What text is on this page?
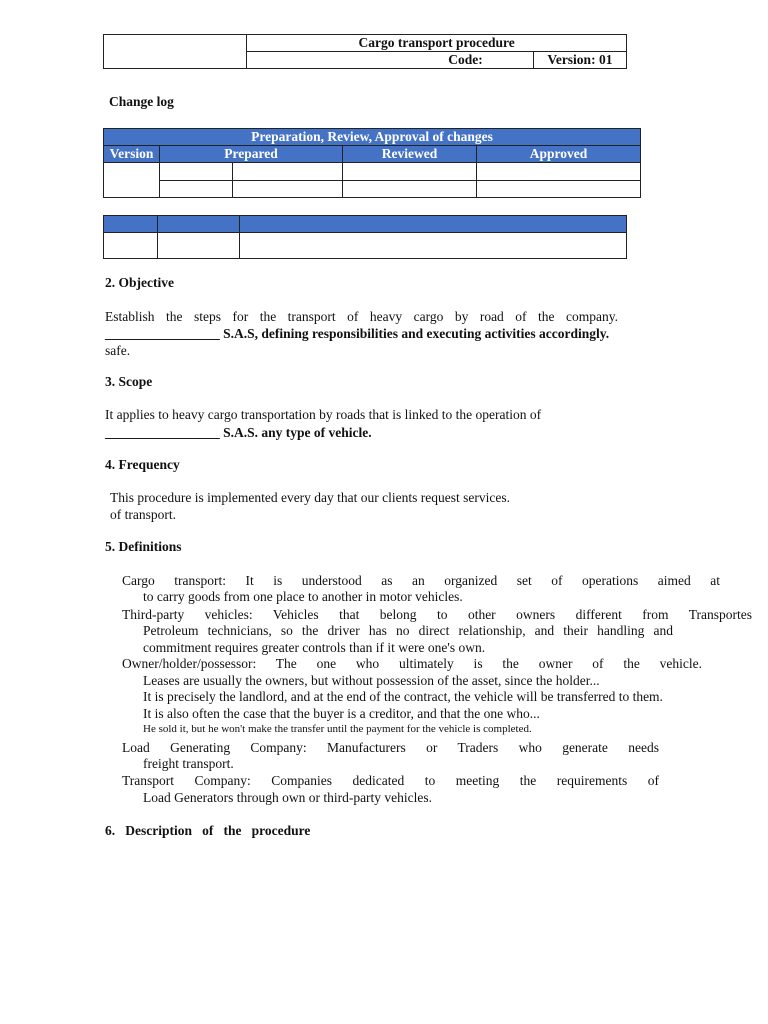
	Cargo transport procedure	
	Code:	Version: 01
Change log
Preparation, Review, Approval of changes				
Version	Prepared		Reviewed	Approved

2. Objective
Establish the steps for the transport of heavy cargo by road of the company.
_________________ S.A.S, defining responsibilities and executing activities accordingly.
safe.
3. Scope
It applies to heavy cargo transportation by roads that is linked to the operation of
_________________ S.A.S. any type of vehicle.
4. Frequency
This procedure is implemented every day that our clients request services.
of transport.
5. Definitions
Cargo transport: It is understood as an organized set of operations aimed at
to carry goods from one place to another in motor vehicles.
Third-party vehicles: Vehicles that belong to other owners different from Transportes
Petroleum technicians, so the driver has no direct relationship, and their handling and
commitment requires greater controls than if it were one's own.
Owner/holder/possessor: The one who ultimately is the owner of the vehicle.
Leases are usually the owners, but without possession of the asset, since the holder...
It is precisely the landlord, and at the end of the contract, the vehicle will be transferred to them.
It is also often the case that the buyer is a creditor, and that the one who...
He sold it, but he won't make the transfer until the payment for the vehicle is completed.
Load Generating Company: Manufacturers or Traders who generate needs
freight transport.
Transport Company: Companies dedicated to meeting the requirements of
Load Generators through own or third-party vehicles.
6.   Description   of   the   procedure
